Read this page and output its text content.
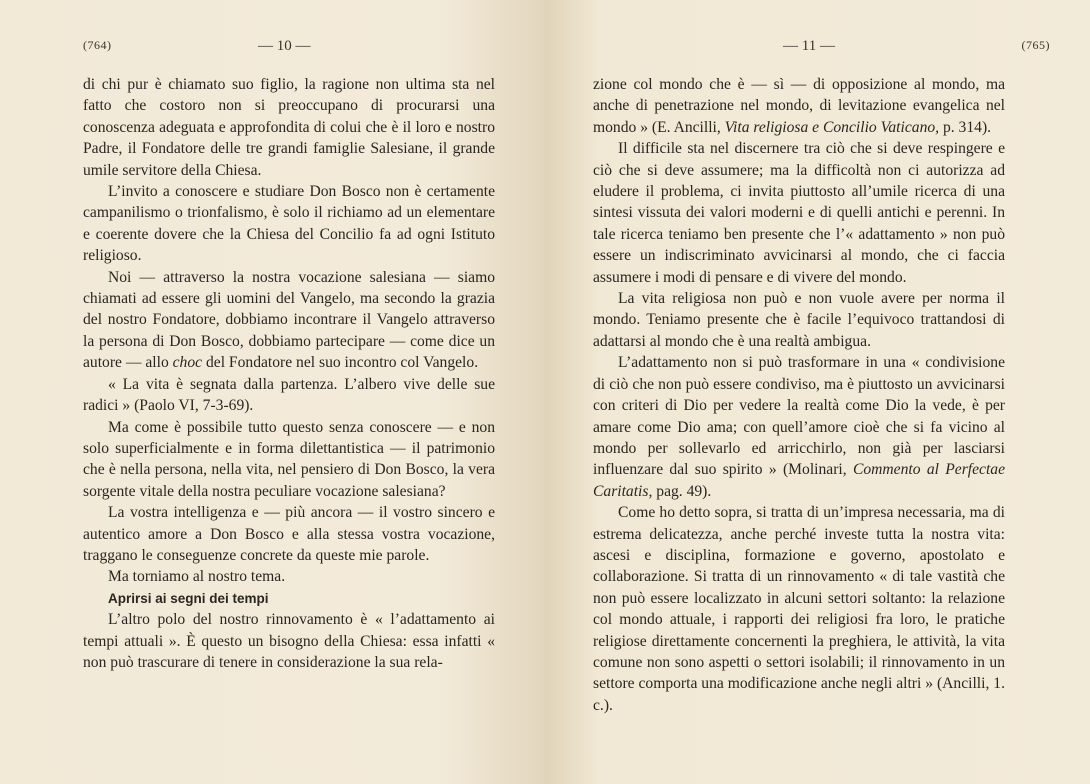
(764)	— 10 —

di chi pur è chiamato suo figlio, la ragione non ultima sta nel fatto che costoro non si preoccupano di procurarsi una conoscenza adeguata e approfondita di colui che è il loro e nostro Padre, il Fondatore delle tre grandi famiglie Salesiane, il grande umile servitore della Chiesa.

L’invito a conoscere e studiare Don Bosco non è certamente campanilismo o trionfalismo, è solo il richiamo ad un elementare e coerente dovere che la Chiesa del Concilio fa ad ogni Istituto religioso.

Noi — attraverso la nostra vocazione salesiana — siamo chiamati ad essere gli uomini del Vangelo, ma secondo la grazia del nostro Fondatore, dobbiamo incontrare il Vangelo attraverso la persona di Don Bosco, dobbiamo partecipare — come dice un autore — allo choc del Fondatore nel suo incontro col Vangelo.

« La vita è segnata dalla partenza. L’albero vive delle sue radici » (Paolo VI, 7-3-69).

Ma come è possibile tutto questo senza conoscere — e non solo superficialmente e in forma dilettantistica — il patrimonio che è nella persona, nella vita, nel pensiero di Don Bosco, la vera sorgente vitale della nostra peculiare vocazione salesiana?

La vostra intelligenza e — più ancora — il vostro sincero e autentico amore a Don Bosco e alla stessa vostra vocazione, traggano le conseguenze concrete da queste mie parole.

Ma torniamo al nostro tema.

Aprirsi ai segni dei tempi

L’altro polo del nostro rinnovamento è « l’adattamento ai tempi attuali ». È questo un bisogno della Chiesa: essa infatti « non può trascurare di tenere in considerazione la sua rela-

— 11 —	(765)

zione col mondo che è — sì — di opposizione al mondo, ma anche di penetrazione nel mondo, di levitazione evangelica nel mondo » (E. Ancilli, Vita religiosa e Concilio Vaticano, p. 314).

Il difficile sta nel discernere tra ciò che si deve respingere e ciò che si deve assumere; ma la difficoltà non ci autorizza ad eludere il problema, ci invita piuttosto all’umile ricerca di una sintesi vissuta dei valori moderni e di quelli antichi e perenni. In tale ricerca teniamo ben presente che l’« adattamento » non può essere un indiscriminato avvicinarsi al mondo, che ci faccia assumere i modi di pensare e di vivere del mondo.

La vita religiosa non può e non vuole avere per norma il mondo. Teniamo presente che è facile l’equivoco trattandosi di adattarsi al mondo che è una realtà ambigua.

L’adattamento non si può trasformare in una « condivisione di ciò che non può essere condiviso, ma è piuttosto un avvicinarsi con criteri di Dio per vedere la realtà come Dio la vede, è per amare come Dio ama; con quell’amore cioè che si fa vicino al mondo per sollevarlo ed arricchirlo, non già per lasciarsi influenzare dal suo spirito » (Molinari, Commento al Perfectae Caritatis, pag. 49).

Come ho detto sopra, si tratta di un’impresa necessaria, ma di estrema delicatezza, anche perché investe tutta la nostra vita: ascesi e disciplina, formazione e governo, apostolato e collaborazione. Si tratta di un rinnovamento « di tale vastità che non può essere localizzato in alcuni settori soltanto: la relazione col mondo attuale, i rapporti dei religiosi fra loro, le pratiche religiose direttamente concernenti la preghiera, le attività, la vita comune non sono aspetti o settori isolabili; il rinnovamento in un settore comporta una modificazione anche negli altri » (Ancilli, 1. c.).
